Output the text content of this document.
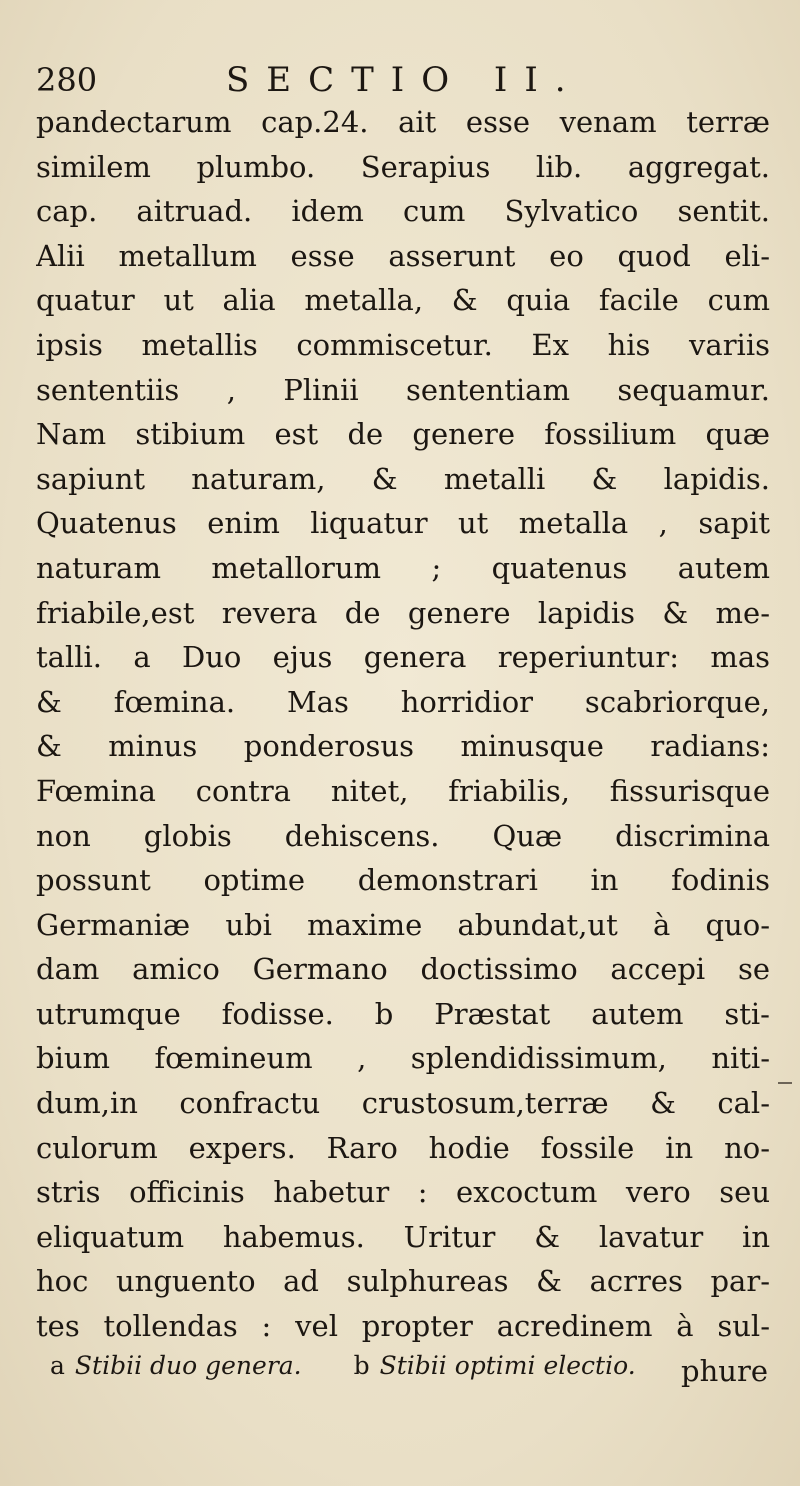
280	SECTIO II.
pandectarum cap.24. ait esse venam terræ
similem plumbo. Serapius lib. aggregat.
cap. aitruad. idem cum Sylvatico sentit.
Alii metallum esse asserunt eo quod eli-
quatur ut alia metalla, & quia facile cum
ipsis metallis commiscetur. Ex his variis
sententiis , Plinii sententiam sequamur.
Nam stibium est de genere fossilium quæ
sapiunt naturam, & metalli & lapidis.
Quatenus enim liquatur ut metalla , sapit
naturam metallorum ; quatenus autem
friabile,est revera de genere lapidis & me-
talli. a Duo ejus genera reperiuntur: mas
& fœmina. Mas horridior scabriorque,
& minus ponderosus minusque radians:
Fœmina contra nitet, friabilis, fissurisque
non globis dehiscens. Quæ discrimina
possunt optime demonstrari in fodinis
Germaniæ ubi maxime abundat,ut à quo-
dam amico Germano doctissimo accepi se
utrumque fodisse. b Præstat autem sti-
bium fœmineum , splendidissimum, niti-
dum,in confractu crustosum,terræ & cal-
culorum expers. Raro hodie fossile in no-
stris officinis habetur : excoctum vero seu
eliquatum habemus. Uritur & lavatur in
hoc unguento ad sulphureas & acrres par-
tes tollendas : vel propter acredinem à sul-
phure
a Stibii duo genera. b Stibii optimi electio.
